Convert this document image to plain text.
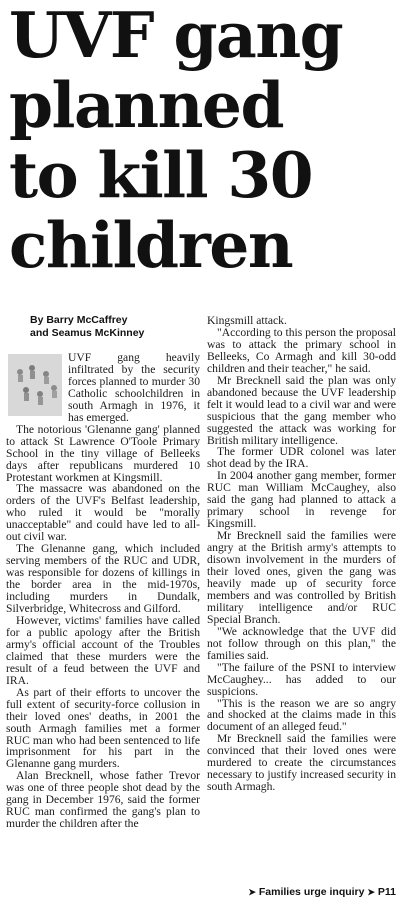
UVF gang
planned
to kill 30
children
By Barry McCaffrey
and Seamus McKinney

UVF gang heavily infiltrated by the security forces planned to murder 30 Catholic schoolchildren in south Armagh in 1976, it has emerged.

The notorious 'Glenanne gang' planned to attack St Lawrence O'Toole Primary School in the tiny village of Belleeks days after republicans murdered 10 Protestant workmen at Kingsmill.

The massacre was abandoned on the orders of the UVF's Belfast leadership, who ruled it would be "morally unacceptable" and could have led to all-out civil war.

The Glenanne gang, which included serving members of the RUC and UDR, was responsible for dozens of killings in the border area in the mid-1970s, including murders in Dundalk, Silverbridge, Whitecross and Gilford.

However, victims' families have called for a public apology after the British army's official account of the Troubles claimed that these murders were the result of a feud between the UVF and IRA.

As part of their efforts to uncover the full extent of security-force collusion in their loved ones' deaths, in 2001 the south Armagh families met a former RUC man who had been sentenced to life imprisonment for his part in the Glenanne gang murders.

Alan Brecknell, whose father Trevor was one of three people shot dead by the gang in December 1976, said the former RUC man confirmed the gang's plan to murder the children after the

Kingsmill attack.

"According to this person the proposal was to attack the primary school in Belleeks, Co Armagh and kill 30-odd children and their teacher," he said.

Mr Brecknell said the plan was only abandoned because the UVF leadership felt it would lead to a civil war and were suspicious that the gang member who suggested the attack was working for British military intelligence.

The former UDR colonel was later shot dead by the IRA.

In 2004 another gang member, former RUC man William McCaughey, also said the gang had planned to attack a primary school in revenge for Kingsmill.

Mr Brecknell said the families were angry at the British army's attempts to disown involvement in the murders of their loved ones, given the gang was heavily made up of security force members and was controlled by British military intelligence and/or RUC Special Branch.

"We acknowledge that the UVF did not follow through on this plan," the families said.

"The failure of the PSNI to interview McCaughey... has added to our suspicions.

"This is the reason we are so angry and shocked at the claims made in this document of an alleged feud."

Mr Brecknell said the families were convinced that their loved ones were murdered to create the circumstances necessary to justify increased security in south Armagh.

➤ Families urge inquiry ➤ P11
